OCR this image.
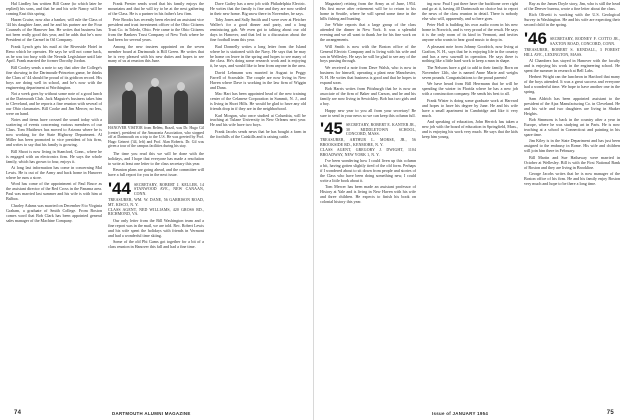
Hal Lindley has written Bill Crane (to which later he replied) his sons, and that he and his wife Nancy will be coming East this spring.

Hazen Cruise, now also a banker, will rule the Class of '44 his daughter Jane, and he and his partner are the Four Counsels of the Hanover Inn. He writes that business has not been really good this year, and he adds that he's now President of the Carmel in Oil Company.

Frank Lynch gets his mail at the Riverside Hotel in Reno which he operates. He says he will not come back, as he was too busy with the Nevada Legislature until late April. Frank married the former Dorothy Jordan.

Bill Cooley sends a note to say that after the College's fine showing in the Dartmouth-Princeton game, he thinks the Class of '44 should be proud of its gridiron record. His boys are doing well in school, and he's now with the engineering department at Worthington.

Not a week goes by without some note of a good lunch at the Dartmouth Club. Jack Maguire's business takes him to Cleveland, and he reports a fine reunion with several of our Ohio classmates. Bill Cooke and Jim Mercer, no less, were on hand.

Notes and items have crossed the sound today with a scattering of events concerning various members of our Class. Tom Matthews has moved to Arizona where he is now working for the State Highway Department. Al Miller has been promoted to vice president of his firm, and writes to say that his family is growing.

Bill Shoot is now living in Stamford, Conn., where he is engaged with an electronics firm. He says the whole family, which has grown to four, enjoys it.

At long last information has come in concerning Mal Lewis. He is out of the Army and back home in Hanover where he runs a store.

Word has come of the appointment of Paul Bruce as the assistant director of the Red Cross in the Panama area. Paul was married last summer and his wife is with him at Balboa.

Charley Adams was married on December 8 to Virginia Graham, a graduate of Smith College. From Boston comes word that Bob Clark has been appointed general sales manager of the Machine Company.

Frank Prester sends word that his family enjoys the mountains and that he will try to be at the next gathering of the Class. He is a partner in his father's law firm.

Pete Brooks has recently been elected an assistant vice president and trust investment officer of the Ohio Citizens Trust Co. in Toledo, Ohio. Pete came to the Ohio Citizens from the Bankers Trust Company of New York where he had been for several years.

Among the new trustees appointed on the seven member board at Dartmouth is Bill Green. He writes that he is very pleased with his new duties and hopes to see many of us at reunion this June.

HANOVER VISITOR from Belém, Brazil, was Dr. Hugo Gil (center), president of the Amazonia Association, who stopped off at Dartmouth on a trip to the U.S. He was greeted by Prof. Hugo Geinert ('44, left) and Prof. Alan Roberts. Dr. Gil was given a tour of the campus facilities during his stay.

The time you read this we will be done with the holidays, and I hope that everyone has made a resolution to write at least one letter to the class secretary this year.

Reunion plans are going ahead, and the committee will have a full report for you in the next issue.

'44 SECRETARY, ROBERT J. KELLER, 14 STANWOOD AVE., NEW CANAAN, CONN.
TREASURER, WM. W. DANE, 56 GARRISON ROAD, MT. KISCO, N. Y.
CLASS AGENT, NED WILLIAMS, 420 GROSS RD., RICHMOND, VA.

Our only letter from the Bill Washington team and a fine report was in the mail, we are told. Rec. Robert Lewis and his wife spent the holidays with friends in Vermont and had a wonderful time skiing.

Some of the old Phi Gams got together for a bit of a class reunion in Hanover this fall and had a fine time.

Dave Gailey has a new job with Philadelphia Electric. He writes that the family is fine and they are now settled in their new home. Big snow there in November, he says.

Toby Jones and Sally Smith and I were over at Fletcher Waller's for a good dinner and party, and a long reminiscing gab. We even got to talking about our old days in Hanover, and that led to a discussion about the fine football team this year.

Bud Donnelly writes a long letter from the Island where he is stationed with the Navy. He says that he may be home on leave in the spring and hopes to see many of the class. He's doing some research work and is enjoying it, he says, and would like to hear from anyone in the area.

David Lehmann was married in August to Peggy Farrell of Scarsdale. The couple are now living in New Haven where Dave is working in the law firm of Wiggin and Dana.

Mac Hart has been appointed head of the new training center of the Celanese Corporation in Summit, N. J., and is living in Short Hills. He would be glad to have any old friends drop in if they are in the neighborhood.

Karl Morgan, who once studied at Columbia, will be teaching at Tulane University in New Orleans next year. He and his wife have two boys.

Frank Jacobs sends news that he has bought a farm in the foothills of the Catskills and is raising cattle.

DARTMOUTH ALUMNI MAGAZINE
74

Magazine) retiring from the Army as of June, 1954. His first move after retirement will be to return to his home in Seattle, where he will spend some time in the hills fishing and hunting.

Joe White reports that a large group of the class attended the dinner in New York. It was a splendid evening and we all want to thank Joe for his fine work on the arrangements.

Will Smith is now with the Boston office of the General Electric Company and is living with his wife and son in Wellesley. He says he will be glad to see any of the boys passing through.

We received a note from Dave Walsh, who is now in business for himself, operating a plant near Manchester, N. H. He writes that business is good and that he hopes to expand soon.

Bob Harris writes from Pittsburgh that he is now an associate of the firm of Baker and Carson, and he and his family are now living in Sewickley. Bob has two girls and a boy.

Happy new year to you all from your secretary! Be sure to send in your news so we can keep this column full.

'45 SECRETARY, ROBERT E. KANTER JR., 30 MIDDLETOWN SCHOOL, CONCORD, MASS.
TREASURER, ARTHUR L. MORSE, JR., 56 BROOKSIDE RD., KENMORE, N. Y.
CLASS AGENT, GREGORY J. DWIGHT, 1104 BROADWAY, NEW YORK 1, N. Y.

I've been wondering how I could liven up this column a bit, having gotten slightly tired of the old form. Perhaps if I wondered about to sit down from people and stories of the Class who have been doing something new, I could write a little book about it.

Tom Mercer has been made an assistant professor of History at Yale and is living in New Haven with his wife and three children. He expects to finish his book on colonial history this year.

ing now. Paul I put there have the backbone over right and go at it, having 40 Dartmouth no choice but to report the news of the class reunion in detail. There is nobody else who will, apparently, and so here goes.

Peter Holl is building his own audio room in his new home in Norwich, and is very proud of the result. He says it is the only room of its kind in Vermont, and invites anyone who wants to hear good music to drop in.

A pleasant note from Johnny Goodrich, now living at Grafton, N. H., says that he is enjoying life in the country and has a new sawmill in operation. He says there is nothing like a little hard work to keep a man in shape.

The Nelsons have a girl to add to their family. Born on November 12th, she is named Anne Marie and weighs seven pounds. Congratulations to the proud parents!

We have heard from Bill Herrmann that he will be spending the winter in Florida where he has a new job with a construction company. He sends his best to all.

Frank Wister is doing some graduate work at Harvard and hopes to have his degree by June. He and his wife have a small apartment in Cambridge and like it very much.

And speaking of education, John Herrick has taken a new job with the board of education in Springfield, Mass., and is enjoying his work very much. He says that the kids keep him young.

Ray as the James Doyle story, Jim, who is still the head of the Denver bureau, wrote a fine letter about the class.

Rich Olivetti is working with the U.S. Geological Survey in Washington. He and his wife are expecting their second child in the spring.

'46 SECRETARY, RODNEY F. COTTO JR., SAXTON ROAD, CONCORD, CONN.
TREASURER, ROBERT S. KENDALL, 3 FOREST HILL AVE., LEXINGTON, MASS.

Al Chambers has stayed in Hanover with the faculty and is enjoying his work in the engineering school. He spent the summer in research at Bell Labs.

Herbert Wright ran the luncheon in Hartford that many of the boys attended. It was a great success and everyone had a wonderful time. We hope to have another one in the spring.

Sam Aldrich has been appointed assistant to the president of the Ajax Manufacturing Co. in Cleveland. He and his wife and two daughters are living in Shaker Heights.

Bob Simmons is back in the country after a year in Europe, where he was studying art in Paris. He is now teaching at a school in Connecticut and painting in his spare time.

Jim Kiley is in the State Department and has just been assigned to the embassy in Rome. His wife and children will join him there in February.

Bill Martin and Sue Hathaway were married in October at Wellesley. Bill is with the First National Bank of Boston and they are living in Brookline.

George Jacobs writes that he is now manager of the Boston office of his firm. He and his family enjoy Boston very much and hope to be there a long time.

Issue of JANUARY 1954	75
